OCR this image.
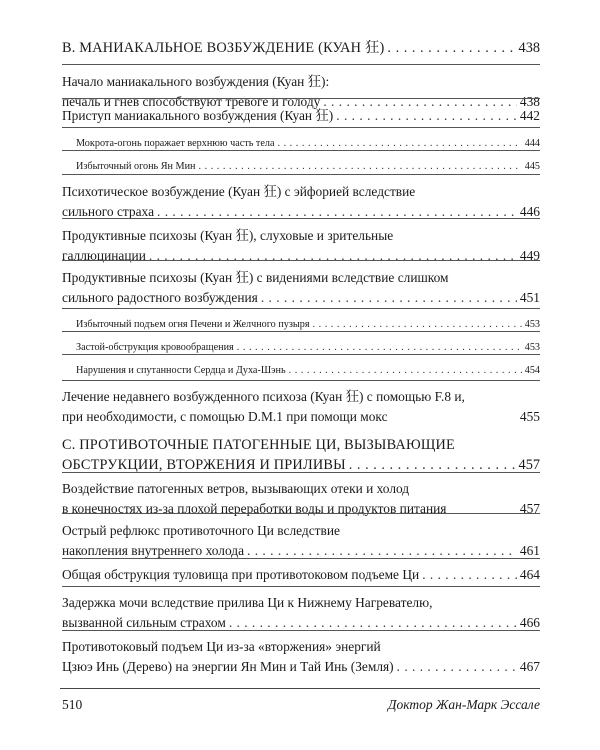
В. МАНИАКАЛЬНОЕ ВОЗБУЖДЕНИЕ (КУАН 狂) . . .	438
Начало маниакального возбуждения (Куан 狂):
печаль и гнев способствуют тревоге и голоду . . .	438
Приступ маниакального возбуждения (Куан 狂) . . .	442
Мокрота-огонь поражает верхнюю часть тела . . .	444
Избыточный огонь Ян Мин . . .	445
Психотическое возбуждение (Куан 狂) с эйфорией вследствие
сильного страха . . .	446
Продуктивные психозы (Куан 狂), слуховые и зрительные
галлюцинации . . .	449
Продуктивные психозы (Куан 狂) с видениями вследствие слишком
сильного радостного возбуждения . . .	451
Избыточный подъем огня Печени и Желчного пузыря . . .	453
Застой-обструкция кровообращения . . .	453
Нарушения и спутанности Сердца и Духа-Шэнь . . .	454
Лечение недавнего возбужденного психоза (Куан 狂) с помощью F.8 и,
при необходимости, с помощью D.M.1 при помощи мокс	455
С. ПРОТИВОТОЧНЫЕ ПАТОГЕННЫЕ ЦИ, ВЫЗЫВАЮЩИЕ
ОБСТРУКЦИИ, ВТОРЖЕНИЯ И ПРИЛИВЫ . . .	457
Воздействие патогенных ветров, вызывающих отеки и холод
в конечностях из-за плохой переработки воды и продуктов питания	457
Острый рефлюкс противоточного Ци вследствие
накопления внутреннего холода . . .	461
Общая обструкция туловища при противотоковом подъеме Ци . . .	464
Задержка мочи вследствие прилива Ци к Нижнему Нагревателю,
вызванной сильным страхом . . .	466
Противотоковый подъем Ци из-за «вторжения» энергий
Цзюэ Инь (Дерево) на энергии Ян Мин и Тай Инь (Земля) . . .	467
510	Доктор Жан-Марк Эссале
